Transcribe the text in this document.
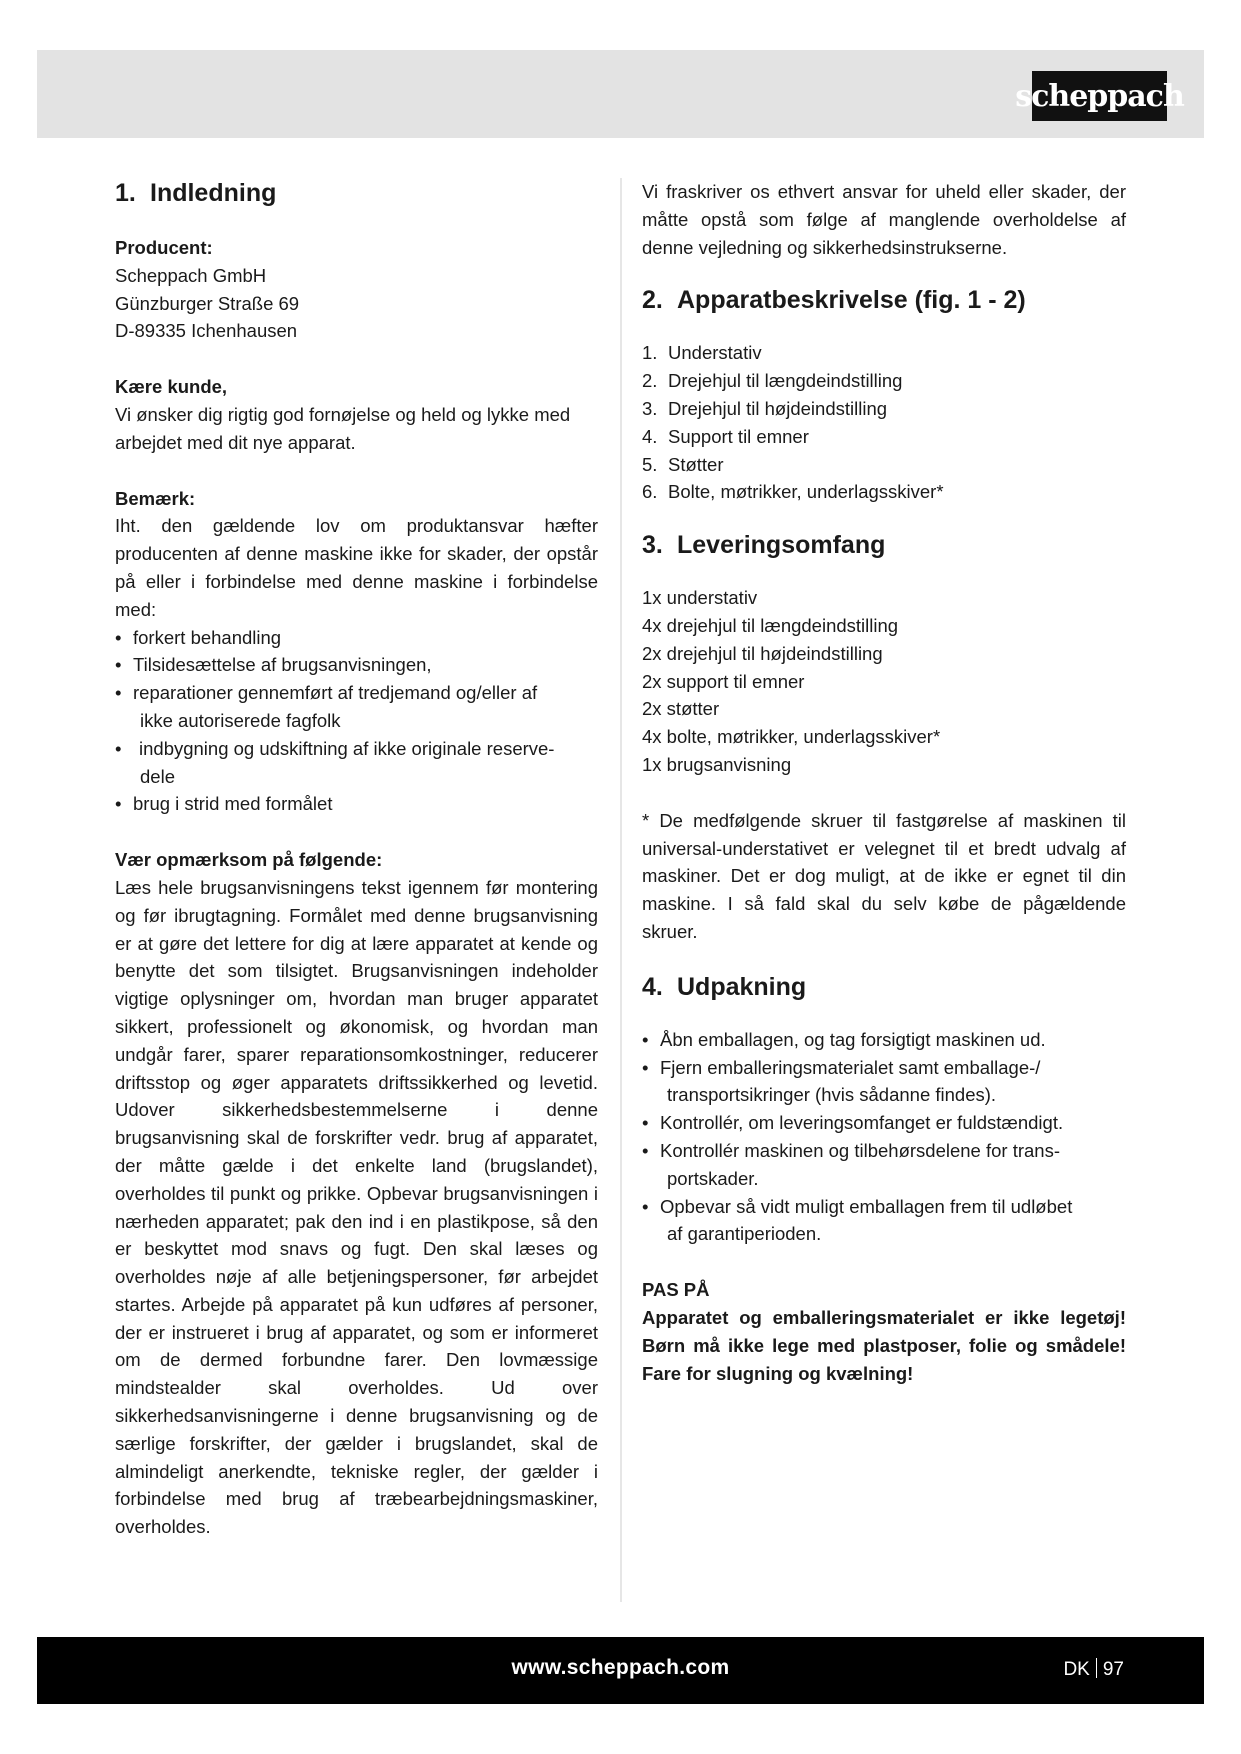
scheppach
1. Indledning

Producent:

Scheppach GmbH

Günzburger Straße 69

D-89335 Ichenhausen

Kære kunde,

Vi ønsker dig rigtig god fornøjelse og held og lykke med arbejdet med dit nye apparat.

Bemærk:

Iht. den gældende lov om produktansvar hæfter producenten af denne maskine ikke for skader, der opstår på eller i forbindelse med denne maskine i forbindelse med:

• forkert behandling
• Tilsidesættelse af brugsanvisningen,
• reparationer gennemført af tredjemand og/eller af
ikke autoriserede fagfolk
• indbygning og udskiftning af ikke originale reserve-
dele
• brug i strid med formålet

Vær opmærksom på følgende:

Læs hele brugsanvisningens tekst igennem før montering og før ibrugtagning. Formålet med denne brugsanvisning er at gøre det lettere for dig at lære apparatet at kende og benytte det som tilsigtet. Brugsanvisningen indeholder vigtige oplysninger om, hvordan man bruger apparatet sikkert, professionelt og økonomisk, og hvordan man undgår farer, sparer reparationsomkostninger, reducerer driftsstop og øger apparatets driftssikkerhed og levetid. Udover sikkerhedsbestemmelserne i denne brugsanvisning skal de forskrifter vedr. brug af apparatet, der måtte gælde i det enkelte land (brugslandet), overholdes til punkt og prikke. Opbevar brugsanvisningen i nærheden apparatet; pak den ind i en plastikpose, så den er beskyttet mod snavs og fugt. Den skal læses og overholdes nøje af alle betjeningspersoner, før arbejdet startes. Arbejde på apparatet på kun udføres af personer, der er instrueret i brug af apparatet, og som er informeret om de dermed forbundne farer. Den lovmæssige mindstealder skal overholdes. Ud over sikkerhedsanvisningerne i denne brugsanvisning og de særlige forskrifter, der gælder i brugslandet, skal de almindeligt anerkendte, tekniske regler, der gælder i forbindelse med brug af træbearbejdningsmaskiner, overholdes.

Vi fraskriver os ethvert ansvar for uheld eller skader, der måtte opstå som følge af manglende overholdelse af denne vejledning og sikkerhedsinstrukserne.

2. Apparatbeskrivelse (fig. 1 - 2)
1. Understativ
2. Drejehjul til længdeindstilling
3. Drejehjul til højdeindstilling
4. Support til emner
5. Støtter
6. Bolte, møtrikker, underlagsskiver*
3. Leveringsomfang
1x understativ
4x drejehjul til længdeindstilling
2x drejehjul til højdeindstilling
2x support til emner
2x støtter
4x bolte, møtrikker, underlagsskiver*
1x brugsanvisning

* De medfølgende skruer til fastgørelse af maskinen til universal-understativet er velegnet til et bredt udvalg af maskiner. Det er dog muligt, at de ikke er egnet til din maskine. I så fald skal du selv købe de pågældende skruer.

4. Udpakning
• Åbn emballagen, og tag forsigtigt maskinen ud.
• Fjern emballeringsmaterialet samt emballage-/
transportsikringer (hvis sådanne findes).
• Kontrollér, om leveringsomfanget er fuldstændigt.
• Kontrollér maskinen og tilbehørsdelene for trans-
portskader.
• Opbevar så vidt muligt emballagen frem til udløbet
af garantiperioden.

PAS PÅ

Apparatet og emballeringsmaterialet er ikke legetøj! Børn må ikke lege med plastposer, folie og smådele! Fare for slugning og kvælning!

www.scheppach.com	DK 97
